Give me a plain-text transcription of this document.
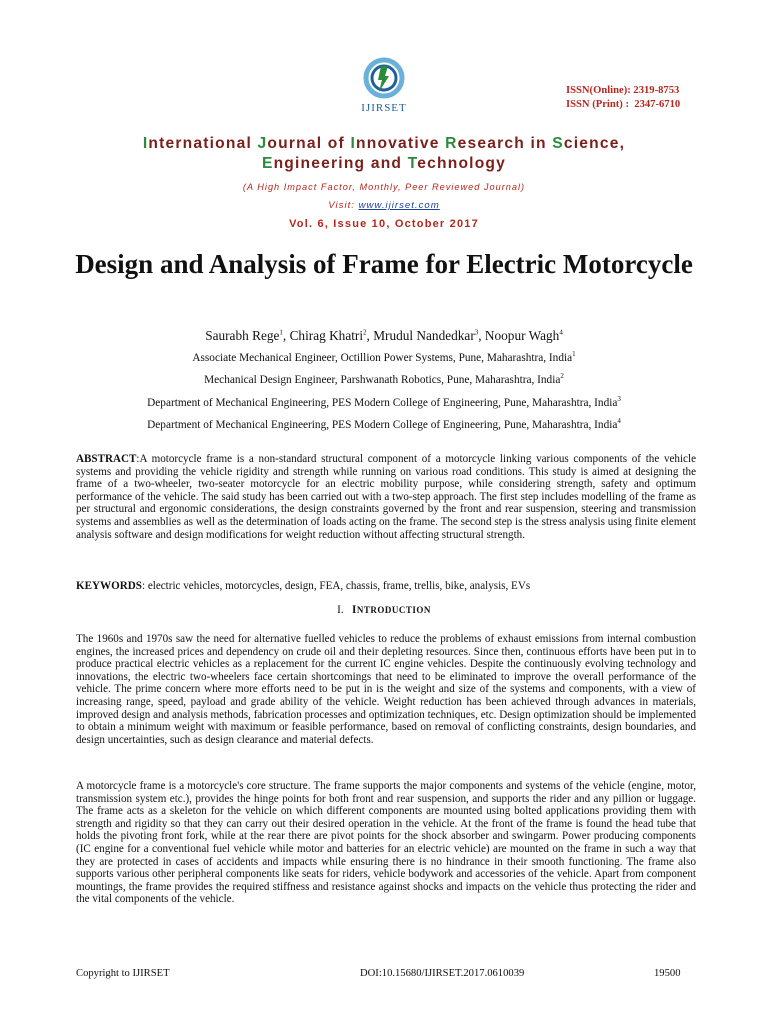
IJIRSET
ISSN(Online): 2319-8753
ISSN (Print) :  2347-6710
International Journal of Innovative Research in Science,
Engineering and Technology
(A High Impact Factor, Monthly, Peer Reviewed Journal)
Visit: www.ijirset.com
Vol. 6, Issue 10, October 2017
Design and Analysis of Frame for Electric Motorcycle
Saurabh Rege$^1$, Chirag Khatri$^2$, Mrudul Nandedkar$^3$, Noopur Wagh$^4$
Associate Mechanical Engineer, Octillion Power Systems, Pune, Maharashtra, India$^1$
Mechanical Design Engineer, Parshwanath Robotics, Pune, Maharashtra, India$^2$
Department of Mechanical Engineering, PES Modern College of Engineering, Pune, Maharashtra, India$^3$
Department of Mechanical Engineering, PES Modern College of Engineering, Pune, Maharashtra, India$^4$
ABSTRACT:A motorcycle frame is a non-standard structural component of a motorcycle linking various components of the vehicle systems and providing the vehicle rigidity and strength while running on various road conditions. This study is aimed at designing the frame of a two-wheeler, two-seater motorcycle for an electric mobility purpose, while considering strength, safety and optimum performance of the vehicle. The said study has been carried out with a two-step approach. The first step includes modelling of the frame as per structural and ergonomic considerations, the design constraints governed by the front and rear suspension, steering and transmission systems and assemblies as well as the determination of loads acting on the frame. The second step is the stress analysis using finite element analysis software and design modifications for weight reduction without affecting structural strength.
KEYWORDS: electric vehicles, motorcycles, design, FEA, chassis, frame, trellis, bike, analysis, EVs
I. INTRODUCTION
The 1960s and 1970s saw the need for alternative fuelled vehicles to reduce the problems of exhaust emissions from internal combustion engines, the increased prices and dependency on crude oil and their depleting resources. Since then, continuous efforts have been put in to produce practical electric vehicles as a replacement for the current IC engine vehicles. Despite the continuously evolving technology and innovations, the electric two-wheelers face certain shortcomings that need to be eliminated to improve the overall performance of the vehicle. The prime concern where more efforts need to be put in is the weight and size of the systems and components, with a view of increasing range, speed, payload and grade ability of the vehicle. Weight reduction has been achieved through advances in materials, improved design and analysis methods, fabrication processes and optimization techniques, etc. Design optimization should be implemented to obtain a minimum weight with maximum or feasible performance, based on removal of conflicting constraints, design boundaries, and design uncertainties, such as design clearance and material defects.
A motorcycle frame is a motorcycle's core structure. The frame supports the major components and systems of the vehicle (engine, motor, transmission system etc.), provides the hinge points for both front and rear suspension, and supports the rider and any pillion or luggage. The frame acts as a skeleton for the vehicle on which different components are mounted using bolted applications providing them with strength and rigidity so that they can carry out their desired operation in the vehicle. At the front of the frame is found the head tube that holds the pivoting front fork, while at the rear there are pivot points for the shock absorber and swingarm. Power producing components (IC engine for a conventional fuel vehicle while motor and batteries for an electric vehicle) are mounted on the frame in such a way that they are protected in cases of accidents and impacts while ensuring there is no hindrance in their smooth functioning. The frame also supports various other peripheral components like seats for riders, vehicle bodywork and accessories of the vehicle. Apart from component mountings, the frame provides the required stiffness and resistance against shocks and impacts on the vehicle thus protecting the rider and the vital components of the vehicle.
Copyright to IJIRSET	DOI:10.15680/IJIRSET.2017.0610039	19500
